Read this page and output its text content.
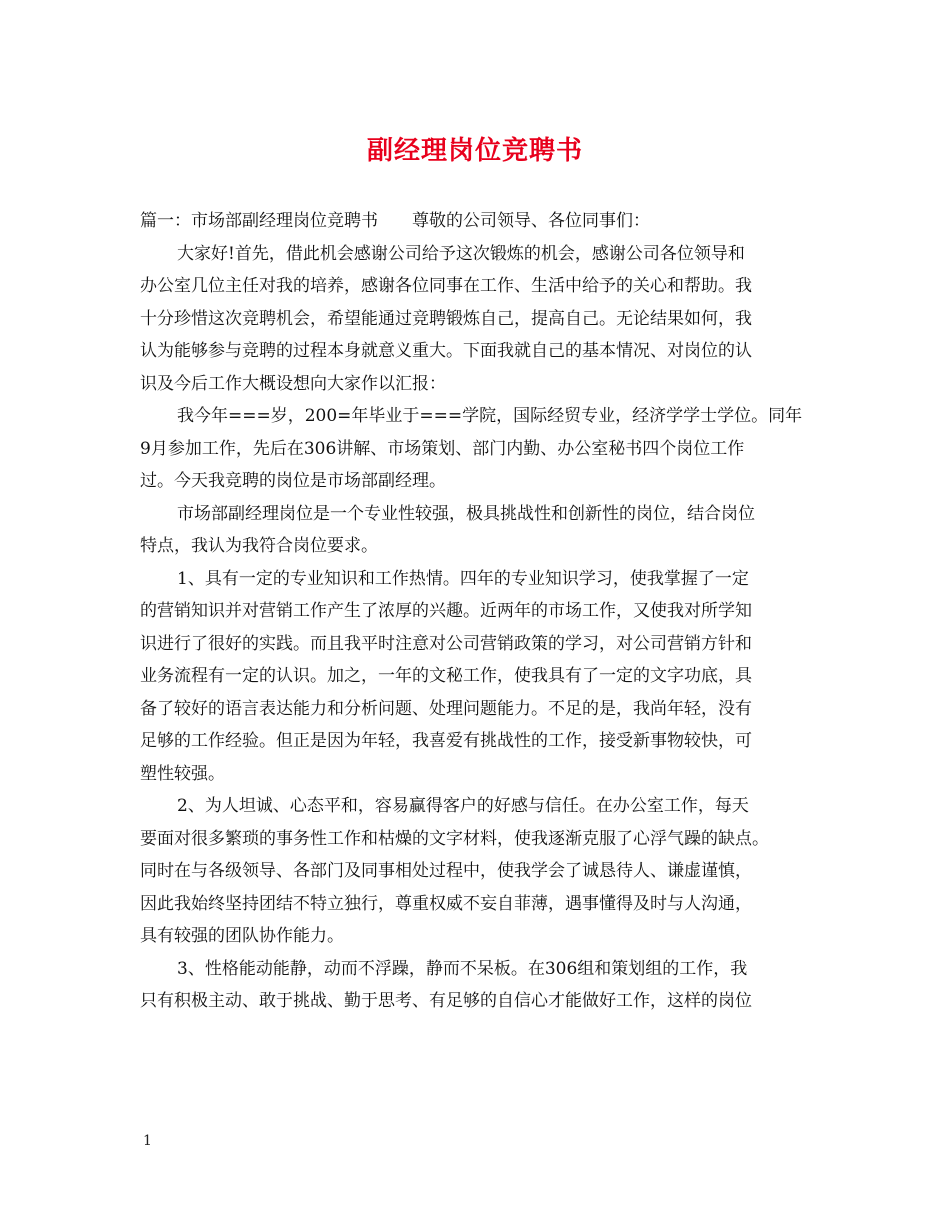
副经理岗位竞聘书
篇一：市场部副经理岗位竞聘书　　尊敬的公司领导、各位同事们：
大家好!首先，借此机会感谢公司给予这次锻炼的机会，感谢公司各位领导和
办公室几位主任对我的培养，感谢各位同事在工作、生活中给予的关心和帮助。我
十分珍惜这次竞聘机会，希望能通过竞聘锻炼自己，提高自己。无论结果如何，我
认为能够参与竞聘的过程本身就意义重大。下面我就自己的基本情况、对岗位的认
识及今后工作大概设想向大家作以汇报：
我今年===岁，200=年毕业于===学院，国际经贸专业，经济学学士学位。同年
9月参加工作，先后在306讲解、市场策划、部门内勤、办公室秘书四个岗位工作
过。今天我竞聘的岗位是市场部副经理。
市场部副经理岗位是一个专业性较强，极具挑战性和创新性的岗位，结合岗位
特点，我认为我符合岗位要求。
1、具有一定的专业知识和工作热情。四年的专业知识学习，使我掌握了一定
的营销知识并对营销工作产生了浓厚的兴趣。近两年的市场工作，又使我对所学知
识进行了很好的实践。而且我平时注意对公司营销政策的学习，对公司营销方针和
业务流程有一定的认识。加之，一年的文秘工作，使我具有了一定的文字功底，具
备了较好的语言表达能力和分析问题、处理问题能力。不足的是，我尚年轻，没有
足够的工作经验。但正是因为年轻，我喜爱有挑战性的工作，接受新事物较快，可
塑性较强。
2、为人坦诚、心态平和，容易赢得客户的好感与信任。在办公室工作，每天
要面对很多繁琐的事务性工作和枯燥的文字材料，使我逐渐克服了心浮气躁的缺点。
同时在与各级领导、各部门及同事相处过程中，使我学会了诚恳待人、谦虚谨慎，
因此我始终坚持团结不特立独行，尊重权威不妄自菲薄，遇事懂得及时与人沟通，
具有较强的团队协作能力。
3、性格能动能静，动而不浮躁，静而不呆板。在306组和策划组的工作，我
只有积极主动、敢于挑战、勤于思考、有足够的自信心才能做好工作，这样的岗位
1
